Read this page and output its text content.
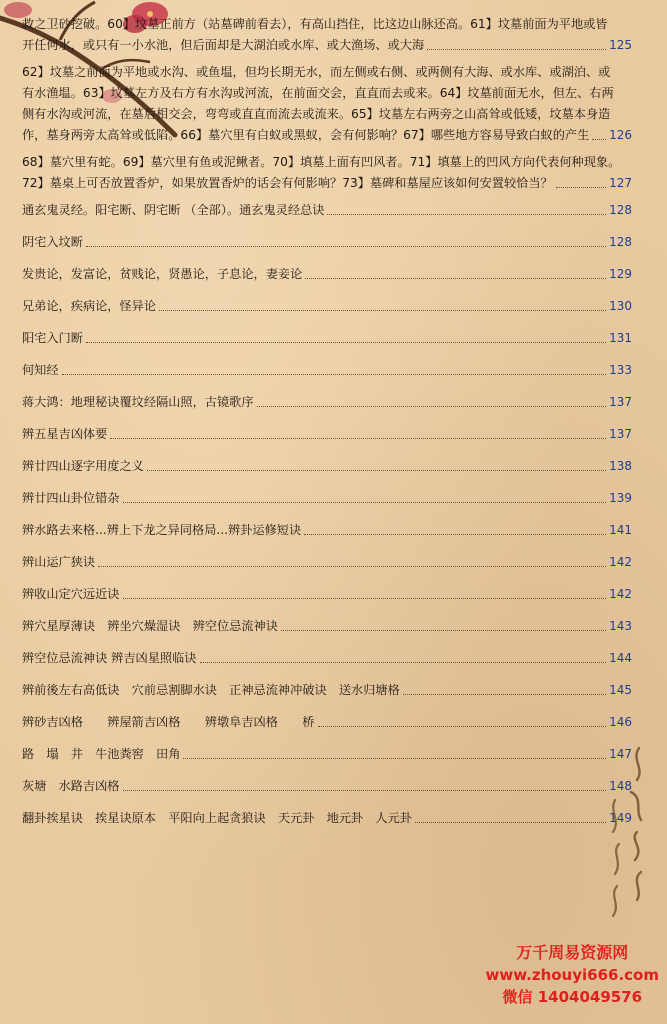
救之卫砂挖破。60】坟墓正前方（站墓碑前看去），有高山挡住，比这边山脉还高。61】坟墓前面为平地或皆
开任何水，或只有一小水池，但后面却是大湖泊或水库、或大渔场、或大海	125
62】坟墓之前面为平地或水沟、或鱼塭，但均长期无水，而左侧或右侧、或两侧有大海、或水库、或湖泊、或
有水渔塭。63】坟墓左方及右方有水沟或河流，在前面交会，直直而去或来。64】坟墓前面无水，但左、右两
侧有水沟或河流，在墓后相交会，弯弯或直直而流去或流来。65】坟墓左右两旁之山高耸或低矮，坟墓本身造
作，墓身两旁太高耸或低陷。66】墓穴里有白蚁或黑蚁，会有何影响？67】哪些地方容易导致白蚁的产生 126
68】墓穴里有蛇。69】墓穴里有鱼或泥鳅者。70】填墓上面有凹风者。71】填墓上的凹风方向代表何种现象。
72】墓桌上可否放置香炉，如果放置香炉的话会有何影响？73】墓碑和墓屋应该如何安置较恰当？	127
通玄鬼灵经。阳宅断、阴宅断 （全部）。通玄鬼灵经总诀	128
阴宅入坟断	128
发贵论，发富论，贫贱论，贤愚论，子息论，妻妾论	129
兄弟论，疾病论，怪异论	130
阳宅入门断	131
何知经	133
蒋大鸿：地理秘诀覆坟经隔山照，古镜歌序	137
辨五星吉凶体要	137
辨廿四山逐字用度之义	138
辨廿四山卦位错杂	139
辨水路去来格...辨上下龙之异同格局...辨卦运修短诀	141
辨山运广狭诀	142
辨收山定穴远近诀	142
辨穴星厚薄诀　辨坐穴燥湿诀　辨空位忌流神诀	143
辨空位忌流神诀 辨吉凶星照临诀	144
辨前後左右高低诀　穴前忌割脚水诀　正神忌流神冲破诀　送水归塘格	145
辨砂吉凶格　　辨屋箭吉凶格　　辨墩阜吉凶格　　桥	146
路　塌　井　牛池粪窖　田角	147
灰塘　水路吉凶格	148
翻卦挨星诀　挨星诀原本　平阳向上起贪狼诀　天元卦　地元卦　人元卦	149
万千周易资源网
www.zhouyi666.com
微信 1404049576
